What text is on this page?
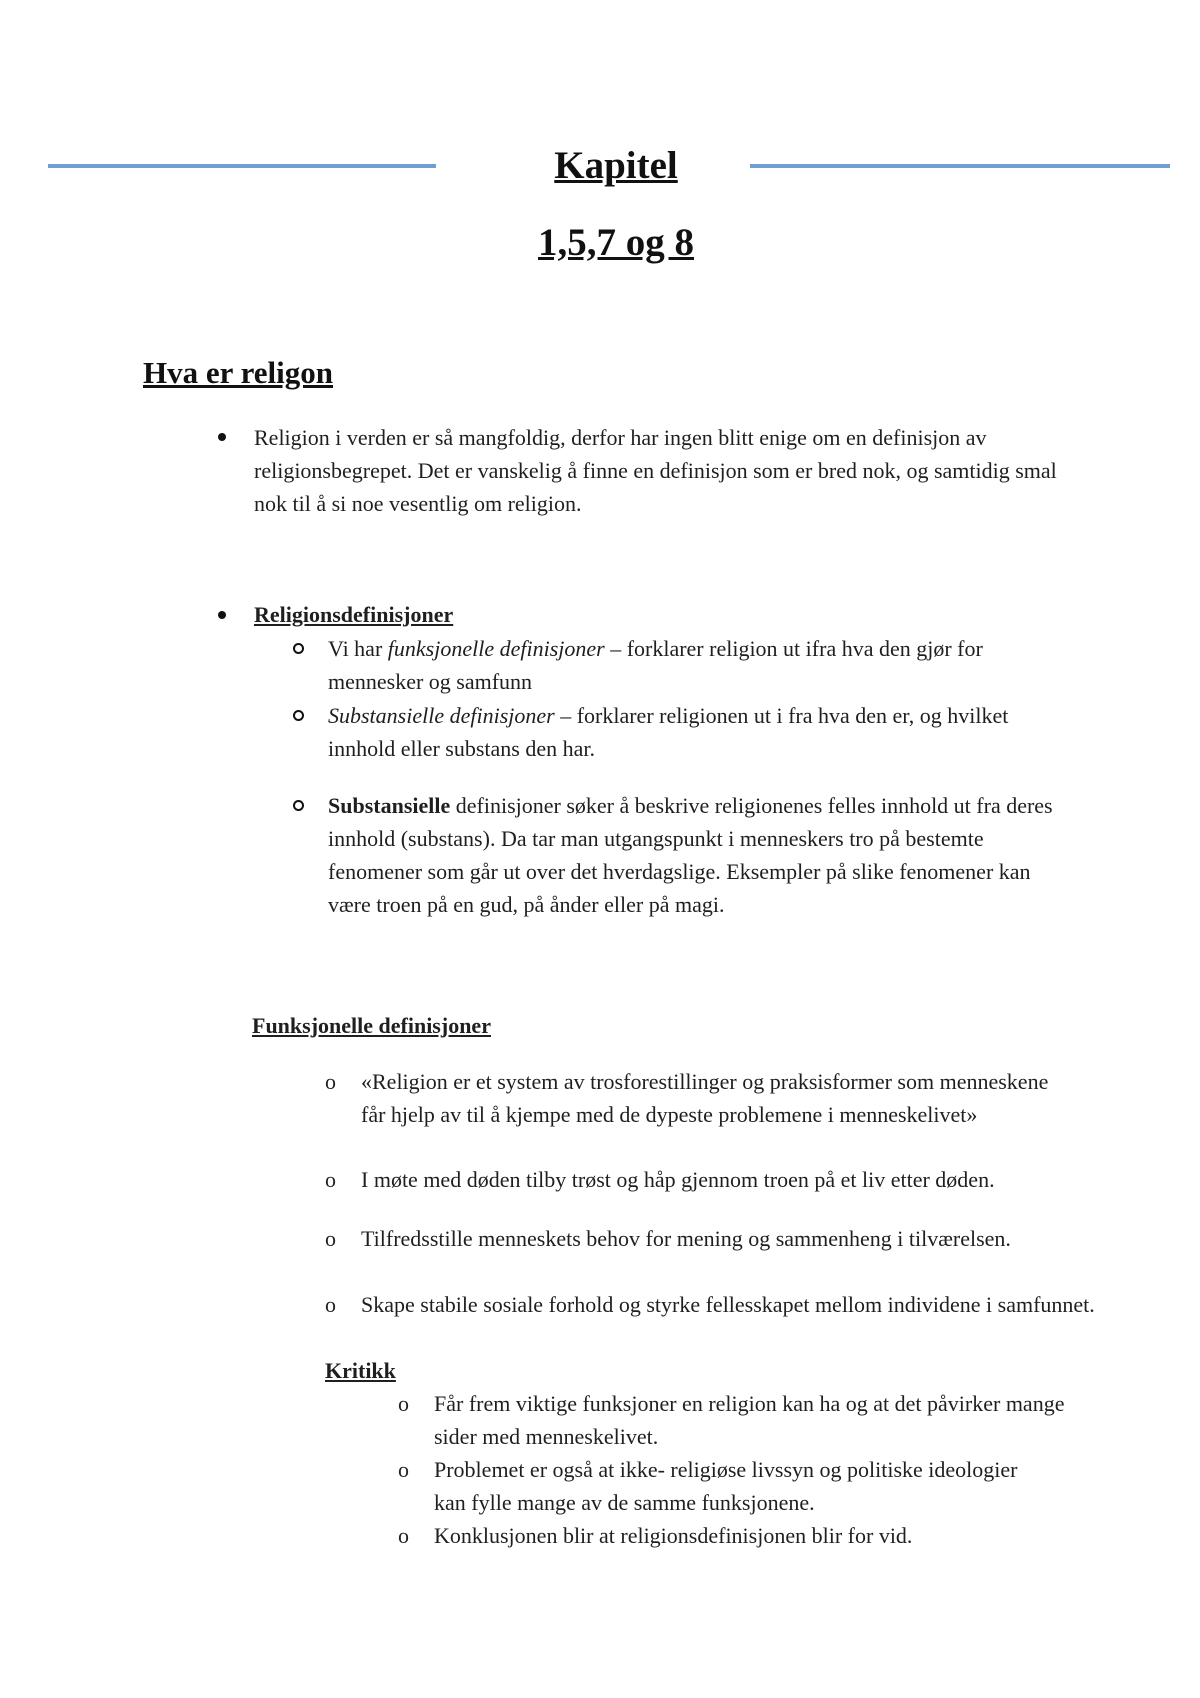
Kapitel
1,5,7 og 8
Hva er religon
Religion i verden er så mangfoldig, derfor har ingen blitt enige om en definisjon av religionsbegrepet. Det er vanskelig å finne en definisjon som er bred nok, og samtidig smal nok til å si noe vesentlig om religion.
Religionsdefinisjoner
Vi har funksjonelle definisjoner – forklarer religion ut ifra hva den gjør for mennesker og samfunn
Substansielle definisjoner – forklarer religionen ut i fra hva den er, og hvilket innhold eller substans den har.
Substansielle definisjoner søker å beskrive religionenes felles innhold ut fra deres innhold (substans). Da tar man utgangspunkt i menneskers tro på bestemte fenomener som går ut over det hverdagslige. Eksempler på slike fenomener kan være troen på en gud, på ånder eller på magi.
Funksjonelle definisjoner
o «Religion er et system av trosforestillinger og praksisformer som menneskene får hjelp av til å kjempe med de dypeste problemene i menneskelivet»
o I møte med døden tilby trøst og håp gjennom troen på et liv etter døden.
o Tilfredsstille menneskets behov for mening og sammenheng i tilværelsen.
o Skape stabile sosiale forhold og styrke fellesskapet mellom individene i samfunnet.
Kritikk
o Får frem viktige funksjoner en religion kan ha og at det påvirker mange sider med menneskelivet.
o Problemet er også at ikke- religiøse livssyn og politiske ideologier kan fylle mange av de samme funksjonene.
o Konklusjonen blir at religionsdefinisjonen blir for vid.
